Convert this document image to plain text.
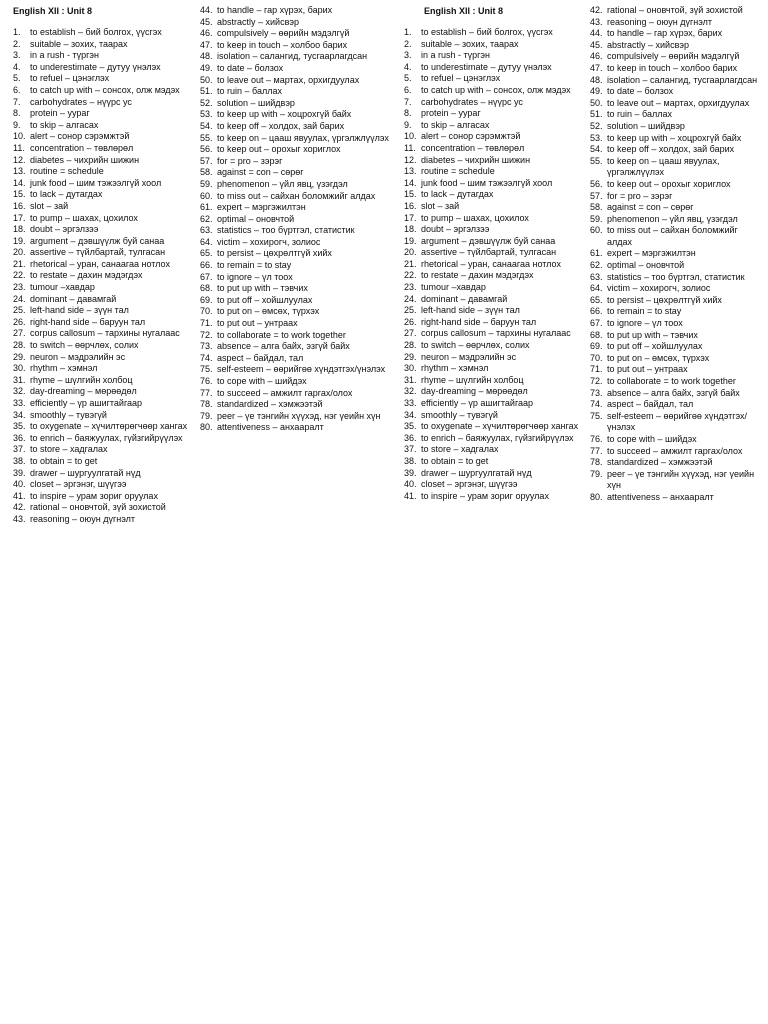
English XII : Unit 8	English XII : Unit 8
1.	to establish – бий болгох, үүсгэх
2.	suitable – зохих, таарах
3.	in a rush - түргэн
4.	to underestimate – дутуу үнэлэх
5.	to refuel – цэнэглэх
6.	to catch up with – сонсох, олж мэдэх
7.	carbohydrates – нүүрс ус
8.	protein – уураг
9.	to skip – алгасах
10. alert – сонор сэрэмжтэй
11. concentration – төвлөрөл
12. diabetes – чихрийн шижин
13. routine = schedule
14. junk food – шим тэжээлгүй хоол
15. to lack – дутагдах
16. slot – зай
17. to pump – шахах, цохилох
18. doubt – эргэлзээ
19. argument – дэвшүүлж буй санаа
20. assertive – түйлбартай, тулгасан
21. rhetorical – уран, санаагаа нотлох
22. to restate – дахин мэдэгдэх
23. tumour –хавдар
24. dominant – давамгай
25. left-hand side – зүүн тал
26. right-hand side – баруун тал
27. corpus callosum – тархины нугалаас
28. to switch – өөрчлөх, солих
29. neuron – мэдрэлийн эс
30. rhythm – хэмнэл
31. rhyme – шүлгийн холбоц
32. day-dreaming – мөрөөдөл
33. efficiently – үр ашигтайгаар
34. smoothly – тувэгүй
35. to oxygenate – хүчилтөрөгчөөр хангах
36. to enrich – баяжуулах, гүйзгийрүүлэх
37. to store – хадгалах
38. to obtain = to get
39. drawer – шургуулгатай нүд
40. closet – эргэнэг, шүүгээ
41. to inspire – урам зориг оруулах
42. rational – оновчтой, зүй зохистой
43. reasoning – оюун дүгнэлт
44. to handle – гар хүрэх, барих
45. abstractly – хийсвэр
46. compulsively – өөрийн мэдэлгүй
47. to keep in touch – холбоо барих
48. isolation – салангид, тусгаарлагдсан
49. to date – болзох
50. to leave out – мартах, орхигдуулах
51. to ruin – баллах
52. solution – шийдвэр
53. to keep up with – хоцрохгүй байх
54. to keep off – холдох, зай барих
55. to keep on – цааш явуулах, үргэлжлүүлэх
56. to keep out – орохыг хориглох
57. for = pro – зэрэг
58. against = con – сөрөг
59. phenomenon – үйл явц, үзэгдэл
60. to miss out – сайхан боломжийг алдах
61. expert – мэргэжилтэн
62. optimal – оновчтой
63. statistics – тоо бүртгэл, статистик
64. victim – хохирогч, золиос
65. to persist – цөхрөлтгүй хийх
66. to remain = to stay
67. to ignore – үл тоох
68. to put up with – тэвчих
69. to put off – хойшлуулах
70. to put on – өмсөх, түрхэх
71. to put out – унтраах
72. to collaborate = to work together
73. absence – алга байх, эзгүй байх
74. aspect – байдал, тал
75. self-esteem – өөрийгөө хүндэтгэх/үнэлэх
76. to cope with – шийдэх
77. to succeed – амжилт гаргах/олох
78. standardized – хэмжээтэй
79. peer – үе тэнгийн хүүхэд, нэг үеийн хүн
80. attentiveness – анхааралт
1.	to establish – бий болгох, үүсгэх
2.	suitable – зохих, таарах
3.	in a rush - түргэн
4.	to underestimate – дутуу үнэлэх
5.	to refuel – цэнэглэх
6.	to catch up with – сонсох, олж мэдэх
7.	carbohydrates – нүүрс ус
8.	protein – уураг
9.	to skip – алгасах
10. alert – сонор сэрэмжтэй
11. concentration – төвлөрөл
12. diabetes – чихрийн шижин
13. routine = schedule
14. junk food – шим тэжээлгүй хоол
15. to lack – дутагдах
16. slot – зай
17. to pump – шахах, цохилох
18. doubt – эргэлзээ
19. argument – дэвшүүлж буй санаа
20. assertive – түйлбартай, тулгасан
21. rhetorical – уран, санаагаа нотлох
22. to restate – дахин мэдэгдэх
23. tumour –хавдар
24. dominant – давамгай
25. left-hand side – зүүн тал
26. right-hand side – баруун тал
27. corpus callosum – тархины нугалаас
28. to switch – өөрчлөх, солих
29. neuron – мэдрэлийн эс
30. rhythm – хэмнэл
31. rhyme – шүлгийн холбоц
32. day-dreaming – мөрөөдөл
33. efficiently – үр ашигтайгаар
34. smoothly – тувэгүй
35. to oxygenate – хүчилтөрөгчөөр хангах
36. to enrich – баяжуулах, гүйзгийрүүлэх
37. to store – хадгалах
38. to obtain = to get
39. drawer – шургуулгатай нүд
40. closet – эргэнэг, шүүгээ
41. to inspire – урам зориг оруулах
42. rational – оновчтой, зүй зохистой
43. reasoning – оюун дүгнэлт
44. to handle – гар хүрэх, барих
45. abstractly – хийсвэр
46. compulsively – өөрийн мэдэлгүй
47. to keep in touch – холбоо барих
48. isolation – салангид, тусгаарлагдсан
49. to date – болзох
50. to leave out – мартах, орхигдуулах
51. to ruin – баллах
52. solution – шийдвэр
53. to keep up with – хоцрохгүй байх
54. to keep off – холдох, зай барих
55. to keep on – цааш явуулах, үргэлжлүүлэх
56. to keep out – орохыг хориглох
57. for = pro – зэрэг
58. against = con – сөрөг
59. phenomenon – үйл явц, үзэгдэл
60. to miss out – сайхан боломжийг алдах
61. expert – мэргэжилтэн
62. optimal – оновчтой
63. statistics – тоо бүртгэл, статистик
64. victim – хохирогч, золиос
65. to persist – цөхрөлтгүй хийх
66. to remain = to stay
67. to ignore – үл тоох
68. to put up with – тэвчих
69. to put off – хойшлуулах
70. to put on – өмсөх, түрхэх
71. to put out – унтраах
72. to collaborate = to work together
73. absence – алга байх, эзгүй байх
74. aspect – байдал, тал
75. self-esteem – өөрийгөө хүндэтгэх/үнэлэх
76. to cope with – шийдэх
77. to succeed – амжилт гаргах/олох
78. standardized – хэмжээтэй
79. peer – үе тэнгийн хүүхэд, нэг үеийн хүн
80. attentiveness – анхааралт
